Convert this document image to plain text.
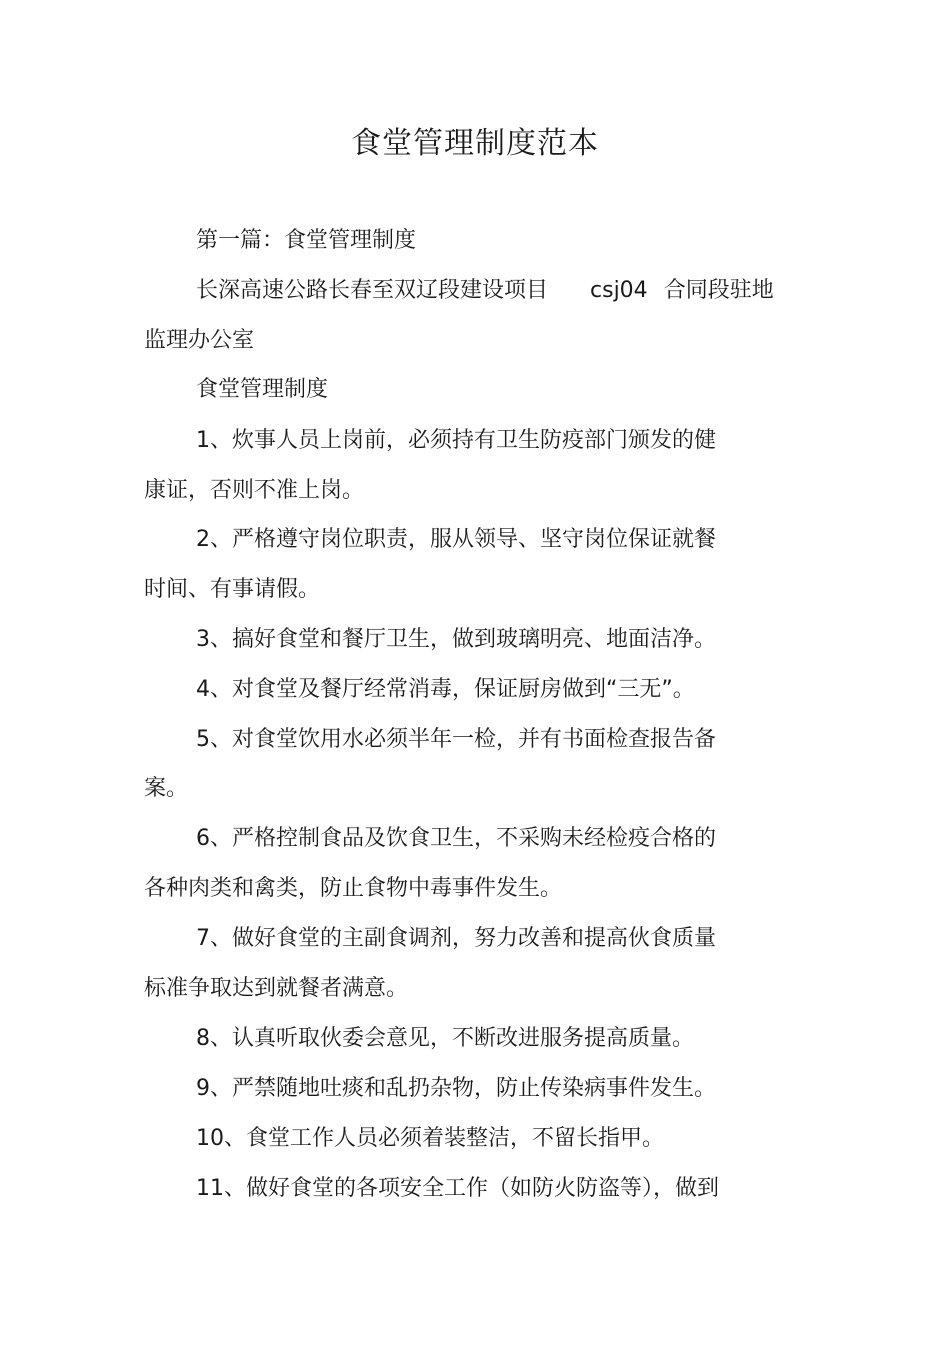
食堂管理制度范本
第一篇：食堂管理制度
长深高速公路长春至双辽段建设项目 csj04 合同段驻地
监理办公室
食堂管理制度
1、炊事人员上岗前，必须持有卫生防疫部门颁发的健
康证，否则不准上岗。
2、严格遵守岗位职责，服从领导、坚守岗位保证就餐
时间、有事请假。
3、搞好食堂和餐厅卫生，做到玻璃明亮、地面洁净。
4、对食堂及餐厅经常消毒，保证厨房做到“三无”。
5、对食堂饮用水必须半年一检，并有书面检查报告备
案。
6、严格控制食品及饮食卫生，不采购未经检疫合格的
各种肉类和禽类，防止食物中毒事件发生。
7、做好食堂的主副食调剂，努力改善和提高伙食质量
标准争取达到就餐者满意。
8、认真听取伙委会意见，不断改进服务提高质量。
9、严禁随地吐痰和乱扔杂物，防止传染病事件发生。
10、食堂工作人员必须着装整洁，不留长指甲。
11、做好食堂的各项安全工作（如防火防盗等），做到
